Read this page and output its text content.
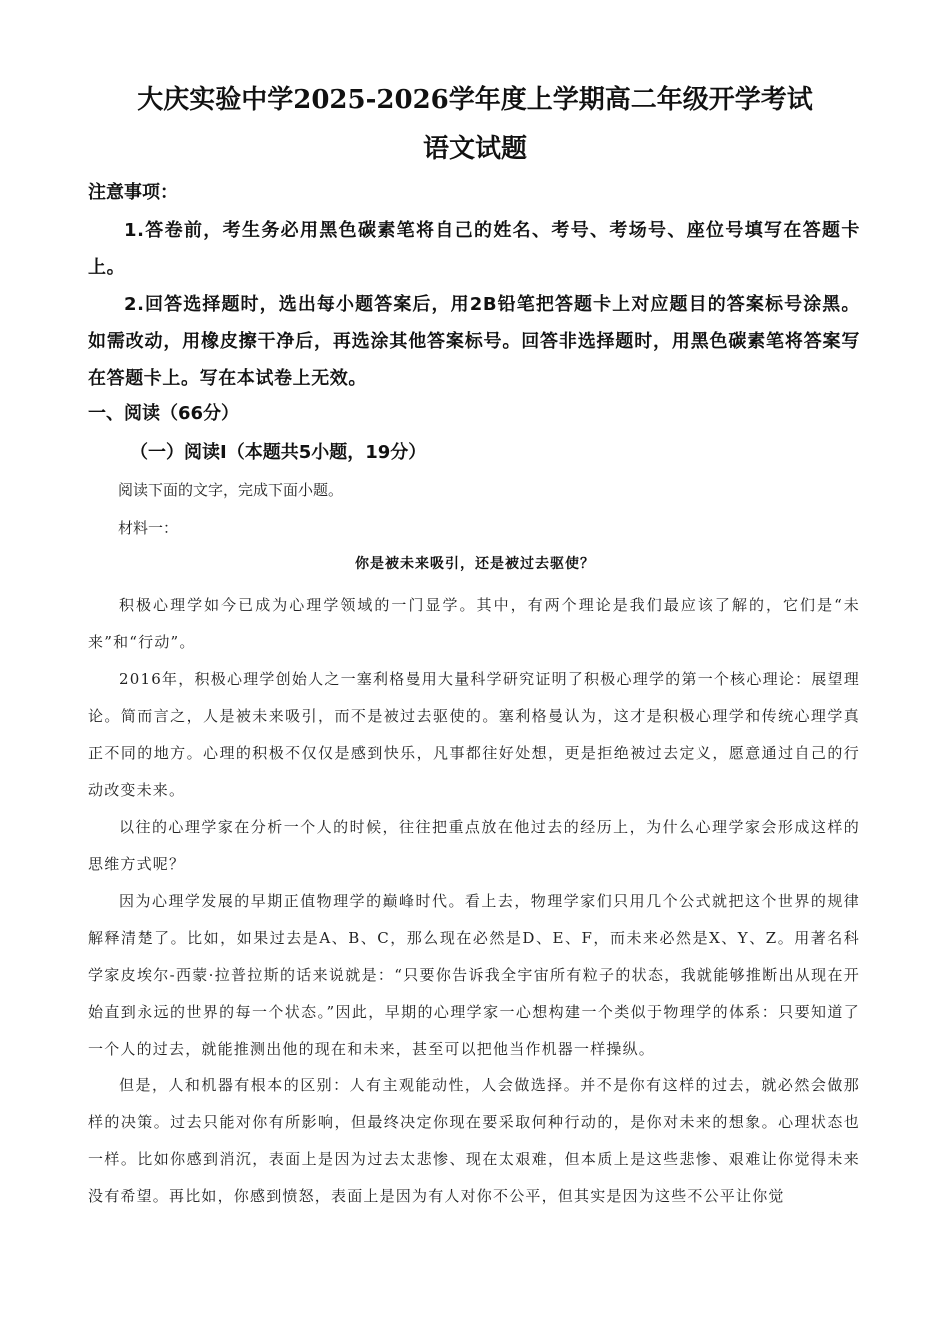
大庆实验中学2025-2026学年度上学期高二年级开学考试
语文试题
注意事项：

1.答卷前，考生务必用黑色碳素笔将自己的姓名、考号、考场号、座位号填写在答题卡上。

2.回答选择题时，选出每小题答案后，用2B铅笔把答题卡上对应题目的答案标号涂黑。如需改动，用橡皮擦干净后，再选涂其他答案标号。回答非选择题时，用黑色碳素笔将答案写在答题卡上。写在本试卷上无效。

一、阅读（66分）
（一）阅读Ⅰ（本题共5小题，19分）
阅读下面的文字，完成下面小题。
材料一：
你是被未来吸引，还是被过去驱使？

积极心理学如今已成为心理学领域的一门显学。其中，有两个理论是我们最应该了解的，它们是“未来”和“行动”。

2016年，积极心理学创始人之一塞利格曼用大量科学研究证明了积极心理学的第一个核心理论：展望理论。简而言之，人是被未来吸引，而不是被过去驱使的。塞利格曼认为，这才是积极心理学和传统心理学真正不同的地方。心理的积极不仅仅是感到快乐，凡事都往好处想，更是拒绝被过去定义，愿意通过自己的行动改变未来。

以往的心理学家在分析一个人的时候，往往把重点放在他过去的经历上，为什么心理学家会形成这样的思维方式呢？

因为心理学发展的早期正值物理学的巅峰时代。看上去，物理学家们只用几个公式就把这个世界的规律解释清楚了。比如，如果过去是A、B、C，那么现在必然是D、E、F，而未来必然是X、Y、Z。用著名科学家皮埃尔-西蒙·拉普拉斯的话来说就是：“只要你告诉我全宇宙所有粒子的状态，我就能够推断出从现在开始直到永远的世界的每一个状态。”因此，早期的心理学家一心想构建一个类似于物理学的体系：只要知道了一个人的过去，就能推测出他的现在和未来，甚至可以把他当作机器一样操纵。

但是，人和机器有根本的区别：人有主观能动性，人会做选择。并不是你有这样的过去，就必然会做那样的决策。过去只能对你有所影响，但最终决定你现在要采取何种行动的，是你对未来的想象。心理状态也一样。比如你感到消沉，表面上是因为过去太悲惨、现在太艰难，但本质上是这些悲惨、艰难让你觉得未来没有希望。再比如，你感到愤怒，表面上是因为有人对你不公平，但其实是因为这些不公平让你觉
